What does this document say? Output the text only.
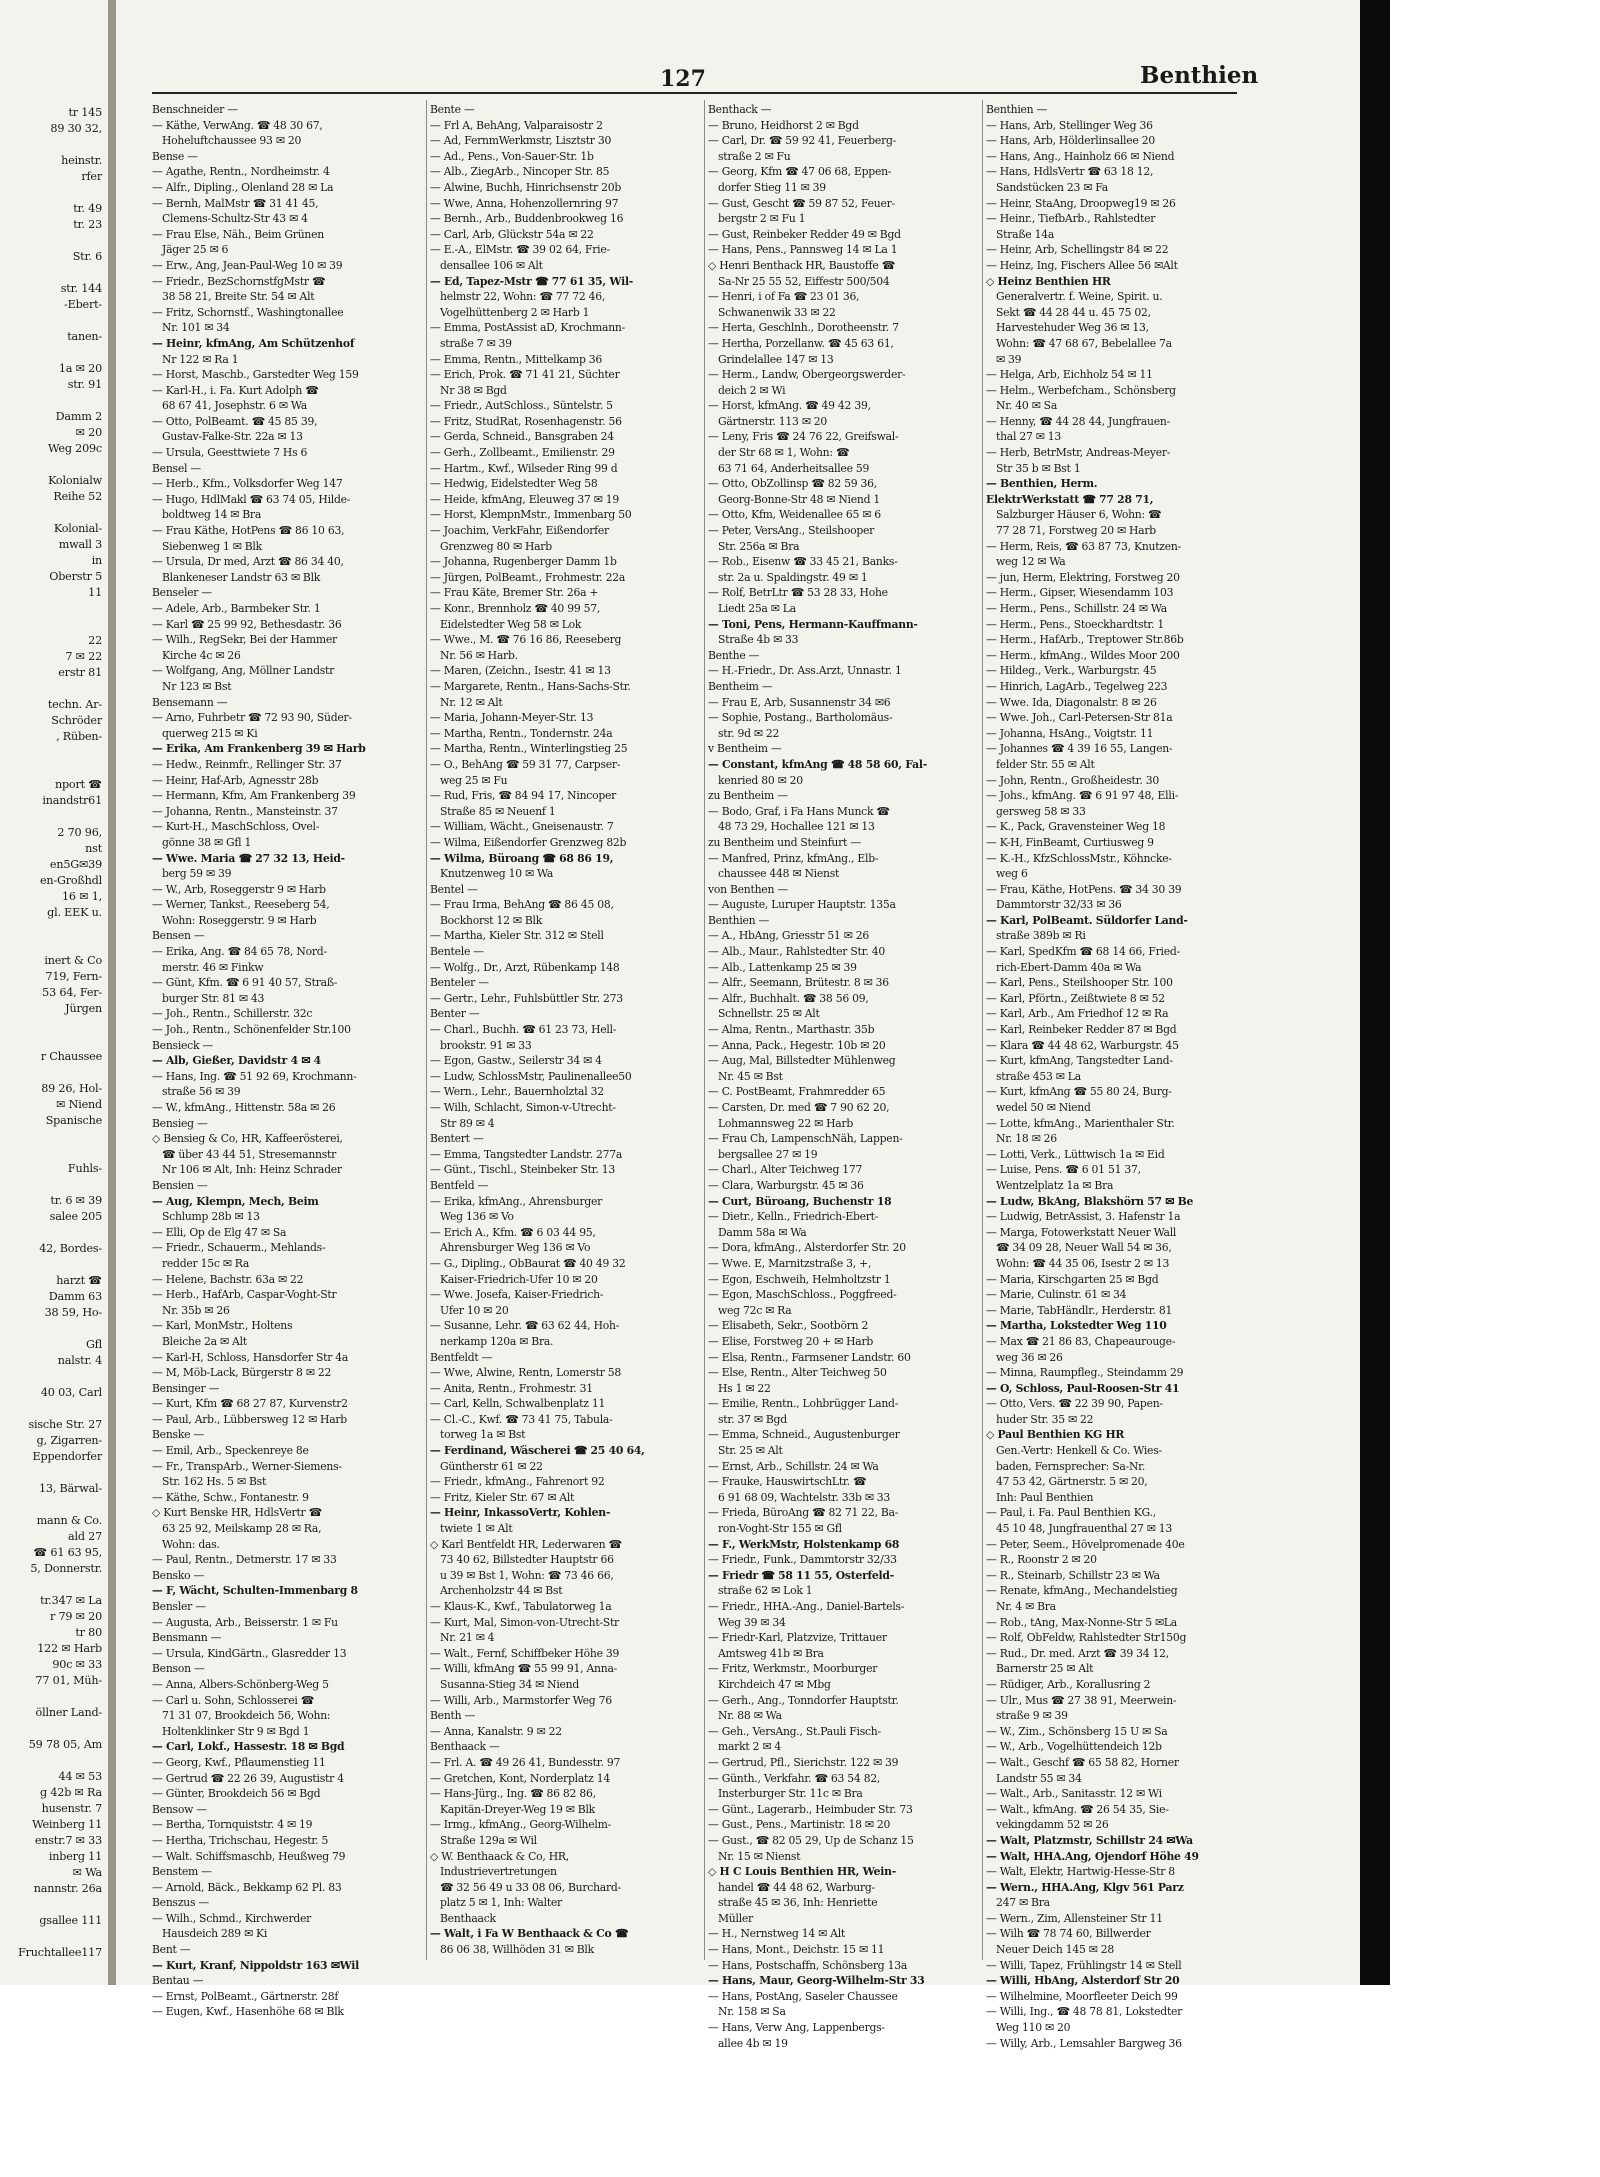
tr 145
89 30 32,

heinstr.
rfer

tr. 49
tr. 23

Str. 6

str. 144
-Ebert-

tanen-

1a ✉ 20
str. 91

Damm 2
✉ 20
Weg 209c

Kolonialw
Reihe 52

Kolonial-
mwall 3
in
Oberstr 5
11

22
7 ✉ 22
erstr 81

techn. Ar-
Schröder
, Rüben-

nport ☎
inandstr61

2 70 96,
nst
en5G✉39
en-Großhdl
16 ✉ 1,
gl. EEK u.

inert & Co
719, Fern-
53 64, Fer-
Jürgen

r Chaussee

89 26, Hol-
✉ Niend
Spanische

Fuhls-

tr. 6 ✉ 39
salee 205

42, Bordes-

harzt ☎
Damm 63
38 59, Ho-

Gfl
nalstr. 4

40 03, Carl

sische Str. 27
g, Zigarren-
Eppendorfer

13, Bärwal-

mann & Co.
ald 27
☎ 61 63 95,
5, Donnerstr.

tr.347 ✉ La
r 79 ✉ 20
tr 80
122 ✉ Harb
90c ✉ 33
77 01, Müh-

öllner Land-

59 78 05, Am

44 ✉ 53
g 42b ✉ Ra
husenstr. 7
Weinberg 11
enstr.7 ✉ 33
inberg 11
✉ Wa
nannstr. 26a

gsallee 111

Fruchtallee117
127	Benthien
Benschneider —
— Käthe, VerwAng. ☎ 48 30 67,
Hoheluftchaussee 93 ✉ 20
Bense —
— Agathe, Rentn., Nordheimstr. 4
— Alfr., Dipling., Olenland 28 ✉ La
— Bernh, MalMstr ☎ 31 41 45,
Clemens-Schultz-Str 43 ✉ 4
— Frau Else, Näh., Beim Grünen
Jäger 25 ✉ 6
— Erw., Ang, Jean-Paul-Weg 10 ✉ 39
— Friedr., BezSchornstfgMstr ☎
38 58 21, Breite Str. 54 ✉ Alt
— Fritz, Schornstf., Washingtonallee
Nr. 101 ✉ 34
— Heinr, kfmAng, Am Schützenhof
Nr 122 ✉ Ra 1
— Horst, Maschb., Garstedter Weg 159
— Karl-H., i. Fa. Kurt Adolph ☎
68 67 41, Josephstr. 6 ✉ Wa
— Otto, PolBeamt. ☎ 45 85 39,
Gustav-Falke-Str. 22a ✉ 13
— Ursula, Geesttwiete 7 Hs 6
Bensel —
— Herb., Kfm., Volksdorfer Weg 147
— Hugo, HdlMakl ☎ 63 74 05, Hilde-
boldtweg 14 ✉ Bra
— Frau Käthe, HotPens ☎ 86 10 63,
Siebenweg 1 ✉ Blk
— Ursula, Dr med, Arzt ☎ 86 34 40,
Blankeneser Landstr 63 ✉ Blk
Benseler —
— Adele, Arb., Barmbeker Str. 1
— Karl ☎ 25 99 92, Bethesdastr. 36
— Wilh., RegSekr, Bei der Hammer
Kirche 4c ✉ 26
— Wolfgang, Ang, Möllner Landstr
Nr 123 ✉ Bst
Bensemann —
— Arno, Fuhrbetr ☎ 72 93 90, Süder-
querweg 215 ✉ Ki
— Erika, Am Frankenberg 39 ✉ Harb
— Hedw., Reinmfr., Rellinger Str. 37
— Heinr, Haf-Arb, Agnesstr 28b
— Hermann, Kfm, Am Frankenberg 39
— Johanna, Rentn., Mansteinstr. 37
— Kurt-H., MaschSchloss, Ovel-
gönne 38 ✉ Gfl 1
— Wwe. Maria ☎ 27 32 13, Heid-
berg 59 ✉ 39
— W., Arb, Roseggerstr 9 ✉ Harb
— Werner, Tankst., Reeseberg 54,
Wohn: Roseggerstr. 9 ✉ Harb
Bensen —
— Erika, Ang. ☎ 84 65 78, Nord-
merstr. 46 ✉ Finkw
— Günt, Kfm. ☎ 6 91 40 57, Straß-
burger Str. 81 ✉ 43
— Joh., Rentn., Schillerstr. 32c
— Joh., Rentn., Schönenfelder Str.100
Bensieck —
— Alb, Gießer, Davidstr 4 ✉ 4
— Hans, Ing. ☎ 51 92 69, Krochmann-
straße 56 ✉ 39
— W., kfmAng., Hittenstr. 58a ✉ 26
Bensieg —
◇ Bensieg & Co, HR, Kaffeerösterei,
☎ über 43 44 51, Stresemannstr
Nr 106 ✉ Alt, Inh: Heinz Schrader
Bensien —
— Aug, Klempn, Mech, Beim
Schlump 28b ✉ 13
— Elli, Op de Elg 47 ✉ Sa
— Friedr., Schauerm., Mehlands-
redder 15c ✉ Ra
— Helene, Bachstr. 63a ✉ 22
— Herb., HafArb, Caspar-Voght-Str
Nr. 35b ✉ 26
— Karl, MonMstr., Holtens
Bleiche 2a ✉ Alt
— Karl-H, Schloss, Hansdorfer Str 4a
— M, Möb-Lack, Bürgerstr 8 ✉ 22
Bensinger —
— Kurt, Kfm ☎ 68 27 87, Kurvenstr2
— Paul, Arb., Lübbersweg 12 ✉ Harb
Benske —
— Emil, Arb., Speckenreye 8e
— Fr., TranspArb., Werner-Siemens-
Str. 162 Hs. 5 ✉ Bst
— Käthe, Schw., Fontanestr. 9
◇ Kurt Benske HR, HdlsVertr ☎
63 25 92, Meilskamp 28 ✉ Ra,
Wohn: das.
— Paul, Rentn., Detmerstr. 17 ✉ 33
Bensko —
— F, Wächt, Schulten-Immenbarg 8
Bensler —
— Augusta, Arb., Beisserstr. 1 ✉ Fu
Bensmann —
— Ursula, KindGärtn., Glasredder 13
Benson —
— Anna, Albers-Schönberg-Weg 5
— Carl u. Sohn, Schlosserei ☎
71 31 07, Brookdeich 56, Wohn:
Holtenklinker Str 9 ✉ Bgd 1
— Carl, Lokf., Hassestr. 18 ✉ Bgd
— Georg, Kwf., Pflaumenstieg 11
— Gertrud ☎ 22 26 39, Augustistr 4
— Günter, Brookdeich 56 ✉ Bgd
Bensow —
— Bertha, Tornquiststr. 4 ✉ 19
— Hertha, Trichschau, Hegestr. 5
— Walt. Schiffsmaschb, Heußweg 79
Benstem —
— Arnold, Bäck., Bekkamp 62 Pl. 83
Benszus —
— Wilh., Schmd., Kirchwerder
Hausdeich 289 ✉ Ki
Bent —
— Kurt, Kranf, Nippoldstr 163 ✉Wil
Bentau —
— Ernst, PolBeamt., Gärtnerstr. 28f
— Eugen, Kwf., Hasenhöhe 68 ✉ Blk
Bente —
— Frl A, BehAng, Valparaisostr 2
— Ad, FernmWerkmstr, Lisztstr 30
— Ad., Pens., Von-Sauer-Str. 1b
— Alb., ZiegArb., Nincoper Str. 85
— Alwine, Buchh, Hinrichsenstr 20b
— Wwe, Anna, Hohenzollernring 97
— Bernh., Arb., Buddenbrookweg 16
— Carl, Arb, Glückstr 54a ✉ 22
— E.-A., ElMstr. ☎ 39 02 64, Frie-
densallee 106 ✉ Alt
— Ed, Tapez-Mstr ☎ 77 61 35, Wil-
helmstr 22, Wohn: ☎ 77 72 46,
Vogelhüttenberg 2 ✉ Harb 1
— Emma, PostAssist aD, Krochmann-
straße 7 ✉ 39
— Emma, Rentn., Mittelkamp 36
— Erich, Prok. ☎ 71 41 21, Süchter
Nr 38 ✉ Bgd
— Friedr., AutSchloss., Süntelstr. 5
— Fritz, StudRat, Rosenhagenstr. 56
— Gerda, Schneid., Bansgraben 24
— Gerh., Zollbeamt., Emilienstr. 29
— Hartm., Kwf., Wilseder Ring 99 d
— Hedwig, Eidelstedter Weg 58
— Heide, kfmAng, Eleuweg 37 ✉ 19
— Horst, KlempnMstr., Immenbarg 50
— Joachim, VerkFahr, Eißendorfer
Grenzweg 80 ✉ Harb
— Johanna, Rugenberger Damm 1b
— Jürgen, PolBeamt., Frohmestr. 22a
— Frau Käte, Bremer Str. 26a +
— Konr., Brennholz ☎ 40 99 57,
Eidelstedter Weg 58 ✉ Lok
— Wwe., M. ☎ 76 16 86, Reeseberg
Nr. 56 ✉ Harb.
— Maren, (Zeichn., Isestr. 41 ✉ 13
— Margarete, Rentn., Hans-Sachs-Str.
Nr. 12 ✉ Alt
— Maria, Johann-Meyer-Str. 13
— Martha, Rentn., Tondernstr. 24a
— Martha, Rentn., Winterlingstieg 25
— O., BehAng ☎ 59 31 77, Carpser-
weg 25 ✉ Fu
— Rud, Fris, ☎ 84 94 17, Nincoper
Straße 85 ✉ Neuenf 1
— William, Wächt., Gneisenaustr. 7
— Wilma, Eißendorfer Grenzweg 82b
— Wilma, Büroang ☎ 68 86 19,
Knutzenweg 10 ✉ Wa
Bentel —
— Frau Irma, BehAng ☎ 86 45 08,
Bockhorst 12 ✉ Blk
— Martha, Kieler Str. 312 ✉ Stell
Bentele —
— Wolfg., Dr., Arzt, Rübenkamp 148
Benteler —
— Gertr., Lehr., Fuhlsbüttler Str. 273
Benter —
— Charl., Buchh. ☎ 61 23 73, Hell-
brookstr. 91 ✉ 33
— Egon, Gastw., Seilerstr 34 ✉ 4
— Ludw, SchlossMstr, Paulinenallee50
— Wern., Lehr., Bauernholztal 32
— Wilh, Schlacht, Simon-v-Utrecht-
Str 89 ✉ 4
Bentert —
— Emma, Tangstedter Landstr. 277a
— Günt., Tischl., Steinbeker Str. 13
Bentfeld —
— Erika, kfmAng., Ahrensburger
Weg 136 ✉ Vo
— Erich A., Kfm. ☎ 6 03 44 95,
Ahrensburger Weg 136 ✉ Vo
— G., Dipling., ObBaurat ☎ 40 49 32
Kaiser-Friedrich-Ufer 10 ✉ 20
— Wwe. Josefa, Kaiser-Friedrich-
Ufer 10 ✉ 20
— Susanne, Lehr. ☎ 63 62 44, Hoh-
nerkamp 120a ✉ Bra.
Bentfeldt —
— Wwe, Alwine, Rentn, Lomerstr 58
— Anita, Rentn., Frohmestr. 31
— Carl, Kelln, Schwalbenplatz 11
— Cl.-C., Kwf. ☎ 73 41 75, Tabula-
torweg 1a ✉ Bst
— Ferdinand, Wäscherei ☎ 25 40 64,
Güntherstr 61 ✉ 22
— Friedr., kfmAng., Fahrenort 92
— Fritz, Kieler Str. 67 ✉ Alt
— Heinr, InkassoVertr, Kohlen-
twiete 1 ✉ Alt
◇ Karl Bentfeldt HR, Lederwaren ☎
73 40 62, Billstedter Hauptstr 66
u 39 ✉ Bst 1, Wohn: ☎ 73 46 66,
Archenholzstr 44 ✉ Bst
— Klaus-K., Kwf., Tabulatorweg 1a
— Kurt, Mal, Simon-von-Utrecht-Str
Nr. 21 ✉ 4
— Walt., Fernf, Schiffbeker Höhe 39
— Willi, kfmAng ☎ 55 99 91, Anna-
Susanna-Stieg 34 ✉ Niend
— Willi, Arb., Marmstorfer Weg 76
Benth —
— Anna, Kanalstr. 9 ✉ 22
Benthaack —
— Frl. A. ☎ 49 26 41, Bundesstr. 97
— Gretchen, Kont, Norderplatz 14
— Hans-Jürg., Ing. ☎ 86 82 86,
Kapitän-Dreyer-Weg 19 ✉ Blk
— Irmg., kfmAng., Georg-Wilhelm-
Straße 129a ✉ Wil
◇ W. Benthaack & Co, HR,
Industrievertretungen
☎ 32 56 49 u 33 08 06, Burchard-
platz 5 ✉ 1, Inh: Walter
Benthaack
— Walt, i Fa W Benthaack & Co ☎
86 06 38, Willhöden 31 ✉ Blk
Benthack —
— Bruno, Heidhorst 2 ✉ Bgd
— Carl, Dr. ☎ 59 92 41, Feuerberg-
straße 2 ✉ Fu
— Georg, Kfm ☎ 47 06 68, Eppen-
dorfer Stieg 11 ✉ 39
— Gust, Gescht ☎ 59 87 52, Feuer-
bergstr 2 ✉ Fu 1
— Gust, Reinbeker Redder 49 ✉ Bgd
— Hans, Pens., Pannsweg 14 ✉ La 1
◇ Henri Benthack HR, Baustoffe ☎
Sa-Nr 25 55 52, Eiffestr 500/504
— Henri, i of Fa ☎ 23 01 36,
Schwanenwik 33 ✉ 22
— Herta, Geschlnh., Dorotheenstr. 7
— Hertha, Porzellanw. ☎ 45 63 61,
Grindelallee 147 ✉ 13
— Herm., Landw, Obergeorgswerder-
deich 2 ✉ Wi
— Horst, kfmAng. ☎ 49 42 39,
Gärtnerstr. 113 ✉ 20
— Leny, Fris ☎ 24 76 22, Greifswal-
der Str 68 ✉ 1, Wohn: ☎
63 71 64, Anderheitsallee 59
— Otto, ObZollinsp ☎ 82 59 36,
Georg-Bonne-Str 48 ✉ Niend 1
— Otto, Kfm, Weidenallee 65 ✉ 6
— Peter, VersAng., Steilshooper
Str. 256a ✉ Bra
— Rob., Eisenw ☎ 33 45 21, Banks-
str. 2a u. Spaldingstr. 49 ✉ 1
— Rolf, BetrLtr ☎ 53 28 33, Hohe
Liedt 25a ✉ La
— Toni, Pens, Hermann-Kauffmann-
Straße 4b ✉ 33
Benthe —
— H.-Friedr., Dr. Ass.Arzt, Unnastr. 1
Bentheim —
— Frau E, Arb, Susannenstr 34 ✉6
— Sophie, Postang., Bartholomäus-
str. 9d ✉ 22
v Bentheim —
— Constant, kfmAng ☎ 48 58 60, Fal-
kenried 80 ✉ 20
zu Bentheim —
— Bodo, Graf, i Fa Hans Munck ☎
48 73 29, Hochallee 121 ✉ 13
zu Bentheim und Steinfurt —
— Manfred, Prinz, kfmAng., Elb-
chaussee 448 ✉ Nienst
von Benthen —
— Auguste, Luruper Hauptstr. 135a
Benthien —
— A., HbAng, Griesstr 51 ✉ 26
— Alb., Maur., Rahlstedter Str. 40
— Alb., Lattenkamp 25 ✉ 39
— Alfr., Seemann, Brütestr. 8 ✉ 36
— Alfr., Buchhalt. ☎ 38 56 09,
Schnellstr. 25 ✉ Alt
— Alma, Rentn., Marthastr. 35b
— Anna, Pack., Hegestr. 10b ✉ 20
— Aug, Mal, Billstedter Mühlenweg
Nr. 45 ✉ Bst
— C. PostBeamt, Frahmredder 65
— Carsten, Dr. med ☎ 7 90 62 20,
Lohmannsweg 22 ✉ Harb
— Frau Ch, LampenschNäh, Lappen-
bergsallee 27 ✉ 19
— Charl., Alter Teichweg 177
— Clara, Warburgstr. 45 ✉ 36
— Curt, Büroang, Buchenstr 18
— Dietr., Kelln., Friedrich-Ebert-
Damm 58a ✉ Wa
— Dora, kfmAng., Alsterdorfer Str. 20
— Wwe. E, Marnitzstraße 3, +,
— Egon, Eschweih, Helmholtzstr 1
— Egon, MaschSchloss., Poggfreed-
weg 72c ✉ Ra
— Elisabeth, Sekr., Sootbörn 2
— Elise, Forstweg 20 + ✉ Harb
— Elsa, Rentn., Farmsener Landstr. 60
— Else, Rentn., Alter Teichweg 50
Hs 1 ✉ 22
— Emilie, Rentn., Lohbrügger Land-
str. 37 ✉ Bgd
— Emma, Schneid., Augustenburger
Str. 25 ✉ Alt
— Ernst, Arb., Schillstr. 24 ✉ Wa
— Frauke, HauswirtschLtr. ☎
6 91 68 09, Wachtelstr. 33b ✉ 33
— Frieda, BüroAng ☎ 82 71 22, Ba-
ron-Voght-Str 155 ✉ Gfl
— F., WerkMstr, Holstenkamp 68
— Friedr., Funk., Dammtorstr 32/33
— Friedr ☎ 58 11 55, Osterfeld-
straße 62 ✉ Lok 1
— Friedr., HHA.-Ang., Daniel-Bartels-
Weg 39 ✉ 34
— Friedr-Karl, Platzvize, Trittauer
Amtsweg 41b ✉ Bra
— Fritz, Werkmstr., Moorburger
Kirchdeich 47 ✉ Mbg
— Gerh., Ang., Tonndorfer Hauptstr.
Nr. 88 ✉ Wa
— Geh., VersAng., St.Pauli Fisch-
markt 2 ✉ 4
— Gertrud, Pfl., Sierichstr. 122 ✉ 39
— Günth., Verkfahr. ☎ 63 54 82,
Insterburger Str. 11c ✉ Bra
— Günt., Lagerarb., Heimbuder Str. 73
— Gust., Pens., Martinistr. 18 ✉ 20
— Gust., ☎ 82 05 29, Up de Schanz 15
Nr. 15 ✉ Nienst
◇ H C Louis Benthien HR, Wein-
handel ☎ 44 48 62, Warburg-
straße 45 ✉ 36, Inh: Henriette
Müller
— H., Nernstweg 14 ✉ Alt
— Hans, Mont., Deichstr. 15 ✉ 11
— Hans, Postschaffn, Schönsberg 13a
— Hans, Maur, Georg-Wilhelm-Str 33
— Hans, PostAng, Saseler Chaussee
Nr. 158 ✉ Sa
— Hans, Verw Ang, Lappenbergs-
allee 4b ✉ 19
Benthien —
— Hans, Arb, Stellinger Weg 36
— Hans, Arb, Hölderlinsallee 20
— Hans, Ang., Hainholz 66 ✉ Niend
— Hans, HdlsVertr ☎ 63 18 12,
Sandstücken 23 ✉ Fa
— Heinr, StaAng, Droopweg19 ✉ 26
— Heinr., TiefbArb., Rahlstedter
Straße 14a
— Heinr, Arb, Schellingstr 84 ✉ 22
— Heinz, Ing, Fischers Allee 56 ✉Alt
◇ Heinz Benthien HR
Generalvertr. f. Weine, Spirit. u.
Sekt ☎ 44 28 44 u. 45 75 02,
Harvestehuder Weg 36 ✉ 13,
Wohn: ☎ 47 68 67, Bebelallee 7a
✉ 39
— Helga, Arb, Eichholz 54 ✉ 11
— Helm., Werbefcham., Schönsberg
Nr. 40 ✉ Sa
— Henny, ☎ 44 28 44, Jungfrauen-
thal 27 ✉ 13
— Herb, BetrMstr, Andreas-Meyer-
Str 35 b ✉ Bst 1
— Benthien, Herm.
ElektrWerkstatt ☎ 77 28 71,
Salzburger Häuser 6, Wohn: ☎
77 28 71, Forstweg 20 ✉ Harb
— Herm, Reis, ☎ 63 87 73, Knutzen-
weg 12 ✉ Wa
— jun, Herm, Elektring, Forstweg 20
— Herm., Gipser, Wiesendamm 103
— Herm., Pens., Schillstr. 24 ✉ Wa
— Herm., Pens., Stoeckhardtstr. 1
— Herm., HafArb., Treptower Str.86b
— Herm., kfmAng., Wildes Moor 200
— Hildeg., Verk., Warburgstr. 45
— Hinrich, LagArb., Tegelweg 223
— Wwe. Ida, Diagonalstr. 8 ✉ 26
— Wwe. Joh., Carl-Petersen-Str 81a
— Johanna, HsAng., Voigtstr. 11
— Johannes ☎ 4 39 16 55, Langen-
felder Str. 55 ✉ Alt
— John, Rentn., Großheidestr. 30
— Johs., kfmAng. ☎ 6 91 97 48, Elli-
gersweg 58 ✉ 33
— K., Pack, Gravensteiner Weg 18
— K-H, FinBeamt, Curtiusweg 9
— K.-H., KfzSchlossMstr., Köhncke-
weg 6
— Frau, Käthe, HotPens. ☎ 34 30 39
Dammtorstr 32/33 ✉ 36
— Karl, PolBeamt. Süldorfer Land-
straße 389b ✉ Ri
— Karl, SpedKfm ☎ 68 14 66, Fried-
rich-Ebert-Damm 40a ✉ Wa
— Karl, Pens., Steilshooper Str. 100
— Karl, Pförtn., Zeißtwiete 8 ✉ 52
— Karl, Arb., Am Friedhof 12 ✉ Ra
— Karl, Reinbeker Redder 87 ✉ Bgd
— Klara ☎ 44 48 62, Warburgstr. 45
— Kurt, kfmAng, Tangstedter Land-
straße 453 ✉ La
— Kurt, kfmAng ☎ 55 80 24, Burg-
wedel 50 ✉ Niend
— Lotte, kfmAng., Marienthaler Str.
Nr. 18 ✉ 26
— Lotti, Verk., Lüttwisch 1a ✉ Eid
— Luise, Pens. ☎ 6 01 51 37,
Wentzelplatz 1a ✉ Bra
— Ludw, BkAng, Blakshörn 57 ✉ Be
— Ludwig, BetrAssist, 3. Hafenstr 1a
— Marga, Fotowerkstatt Neuer Wall
☎ 34 09 28, Neuer Wall 54 ✉ 36,
Wohn: ☎ 44 35 06, Isestr 2 ✉ 13
— Maria, Kirschgarten 25 ✉ Bgd
— Marie, Culinstr. 61 ✉ 34
— Marie, TabHändlr., Herderstr. 81
— Martha, Lokstedter Weg 110
— Max ☎ 21 86 83, Chapeaurouge-
weg 36 ✉ 26
— Minna, Raumpfleg., Steindamm 29
— O, Schloss, Paul-Roosen-Str 41
— Otto, Vers. ☎ 22 39 90, Papen-
huder Str. 35 ✉ 22
◇ Paul Benthien KG HR
Gen.-Vertr: Henkell & Co. Wies-
baden, Fernsprecher: Sa-Nr.
47 53 42, Gärtnerstr. 5 ✉ 20,
Inh: Paul Benthien
— Paul, i. Fa. Paul Benthien KG.,
45 10 48, Jungfrauenthal 27 ✉ 13
— Peter, Seem., Hövelpromenade 40e
— R., Roonstr 2 ✉ 20
— R., Steinarb, Schillstr 23 ✉ Wa
— Renate, kfmAng., Mechandelstieg
Nr. 4 ✉ Bra
— Rob., tAng, Max-Nonne-Str 5 ✉La
— Rolf, ObFeldw, Rahlstedter Str150g
— Rud., Dr. med. Arzt ☎ 39 34 12,
Barnerstr 25 ✉ Alt
— Rüdiger, Arb., Korallusring 2
— Ulr., Mus ☎ 27 38 91, Meerwein-
straße 9 ✉ 39
— W., Zim., Schönsberg 15 U ✉ Sa
— W., Arb., Vogelhüttendeich 12b
— Walt., Geschf ☎ 65 58 82, Horner
Landstr 55 ✉ 34
— Walt., Arb., Sanitasstr. 12 ✉ Wi
— Walt., kfmAng. ☎ 26 54 35, Sie-
vekingdamm 52 ✉ 26
— Walt, Platzmstr, Schillstr 24 ✉Wa
— Walt, HHA.Ang, Ojendorf Höhe 49
— Walt, Elektr, Hartwig-Hesse-Str 8
— Wern., HHA.Ang, Klgv 561 Parz
247 ✉ Bra
— Wern., Zim, Allensteiner Str 11
— Wilh ☎ 78 74 60, Billwerder
Neuer Deich 145 ✉ 28
— Willi, Tapez, Frühlingstr 14 ✉ Stell
— Willi, HbAng, Alsterdorf Str 20
— Wilhelmine, Moorfleeter Deich 99
— Willi, Ing., ☎ 48 78 81, Lokstedter
Weg 110 ✉ 20
— Willy, Arb., Lemsahler Bargweg 36
